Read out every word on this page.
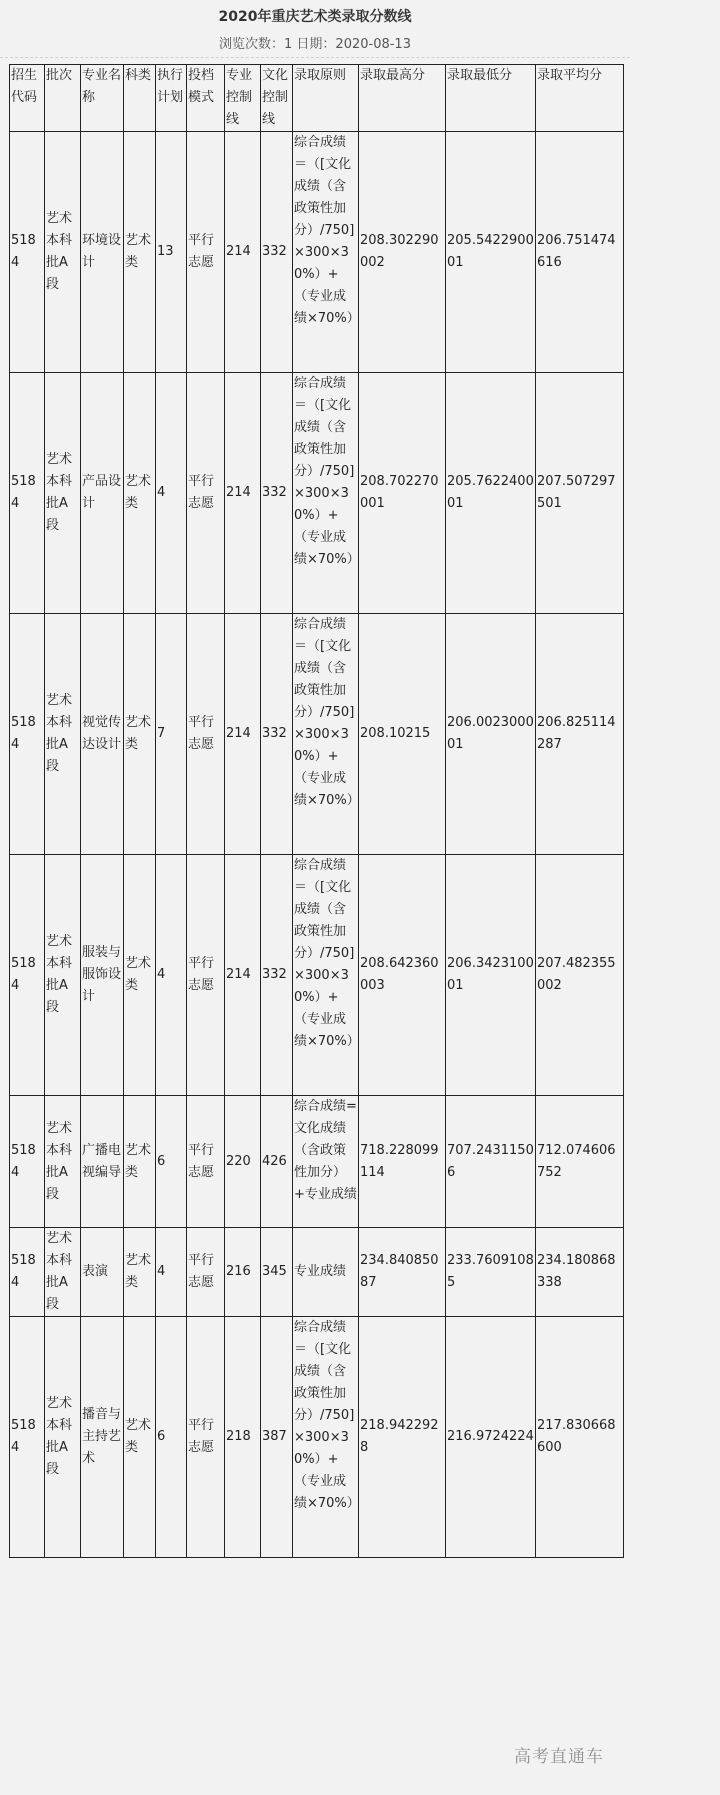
2020年重庆艺术类录取分数线
浏览次数：1 日期：2020-08-13
招生代码	批次	专业名称	科类	执行计划	投档模式	专业控制线	文化控制线	录取原则	录取最高分	录取最低分	录取平均分
5184	艺术本科批A段	环境设计	艺术类	13	平行志愿	214	332	综合成绩＝（[文化成绩（含政策性加分）/750]×300×30%）+（专业成绩×70%）	208.302290002	205.542290001	206.751474616
5184	艺术本科批A段	产品设计	艺术类	4	平行志愿	214	332	综合成绩＝（[文化成绩（含政策性加分）/750]×300×30%）+（专业成绩×70%）	208.702270001	205.762240001	207.507297501
5184	艺术本科批A段	视觉传达设计	艺术类	7	平行志愿	214	332	综合成绩＝（[文化成绩（含政策性加分）/750]×300×30%）+（专业成绩×70%）	208.10215	206.002300001	206.825114287
5184	艺术本科批A段	服装与服饰设计	艺术类	4	平行志愿	214	332	综合成绩＝（[文化成绩（含政策性加分）/750]×300×30%）+（专业成绩×70%）	208.642360003	206.342310001	207.482355002
5184	艺术本科批A段	广播电视编导	艺术类	6	平行志愿	220	426	综合成绩=文化成绩（含政策性加分）+专业成绩	718.228099114	707.24311506	712.074606752
5184	艺术本科批A段	表演	艺术类	4	平行志愿	216	345	专业成绩	234.84085087	233.76091085	234.180868338
5184	艺术本科批A段	播音与主持艺术	艺术类	6	平行志愿	218	387	综合成绩＝（[文化成绩（含政策性加分）/750]×300×30%）+（专业成绩×70%）	218.9422928	216.9724224	217.830668600
高考直通车
